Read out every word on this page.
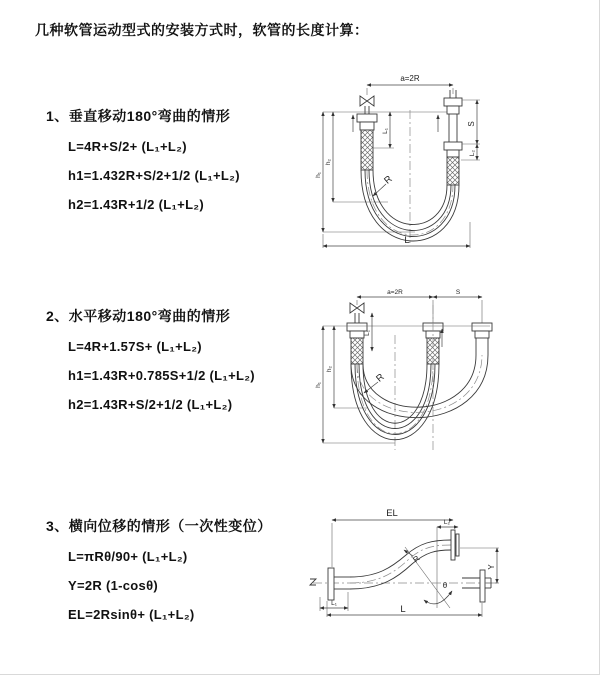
几种软管运动型式的安装方式时，软管的长度计算：
1、垂直移动180°弯曲的情形
L=4R+S/2+ (L₁+L₂)
h1=1.432R+S/2+1/2 (L₁+L₂)
h2=1.43R+1/2 (L₁+L₂)
a=2R
L₁
h₁
h₂
S
L₂
R
L
2、水平移动180°弯曲的情形
L=4R+1.57S+ (L₁+L₂)
h1=1.43R+0.785S+1/2 (L₁+L₂)
h2=1.43R+S/2+1/2 (L₁+L₂)
a=2R	S
L₁
h₁
h₂
R
3、横向位移的情形（一次性变位）
L=πRθ/90+ (L₁+L₂)
Y=2R (1-cosθ)
EL=2Rsinθ+ (L₁+L₂)
EL
L₂
θ
Y
R
L₁
L
